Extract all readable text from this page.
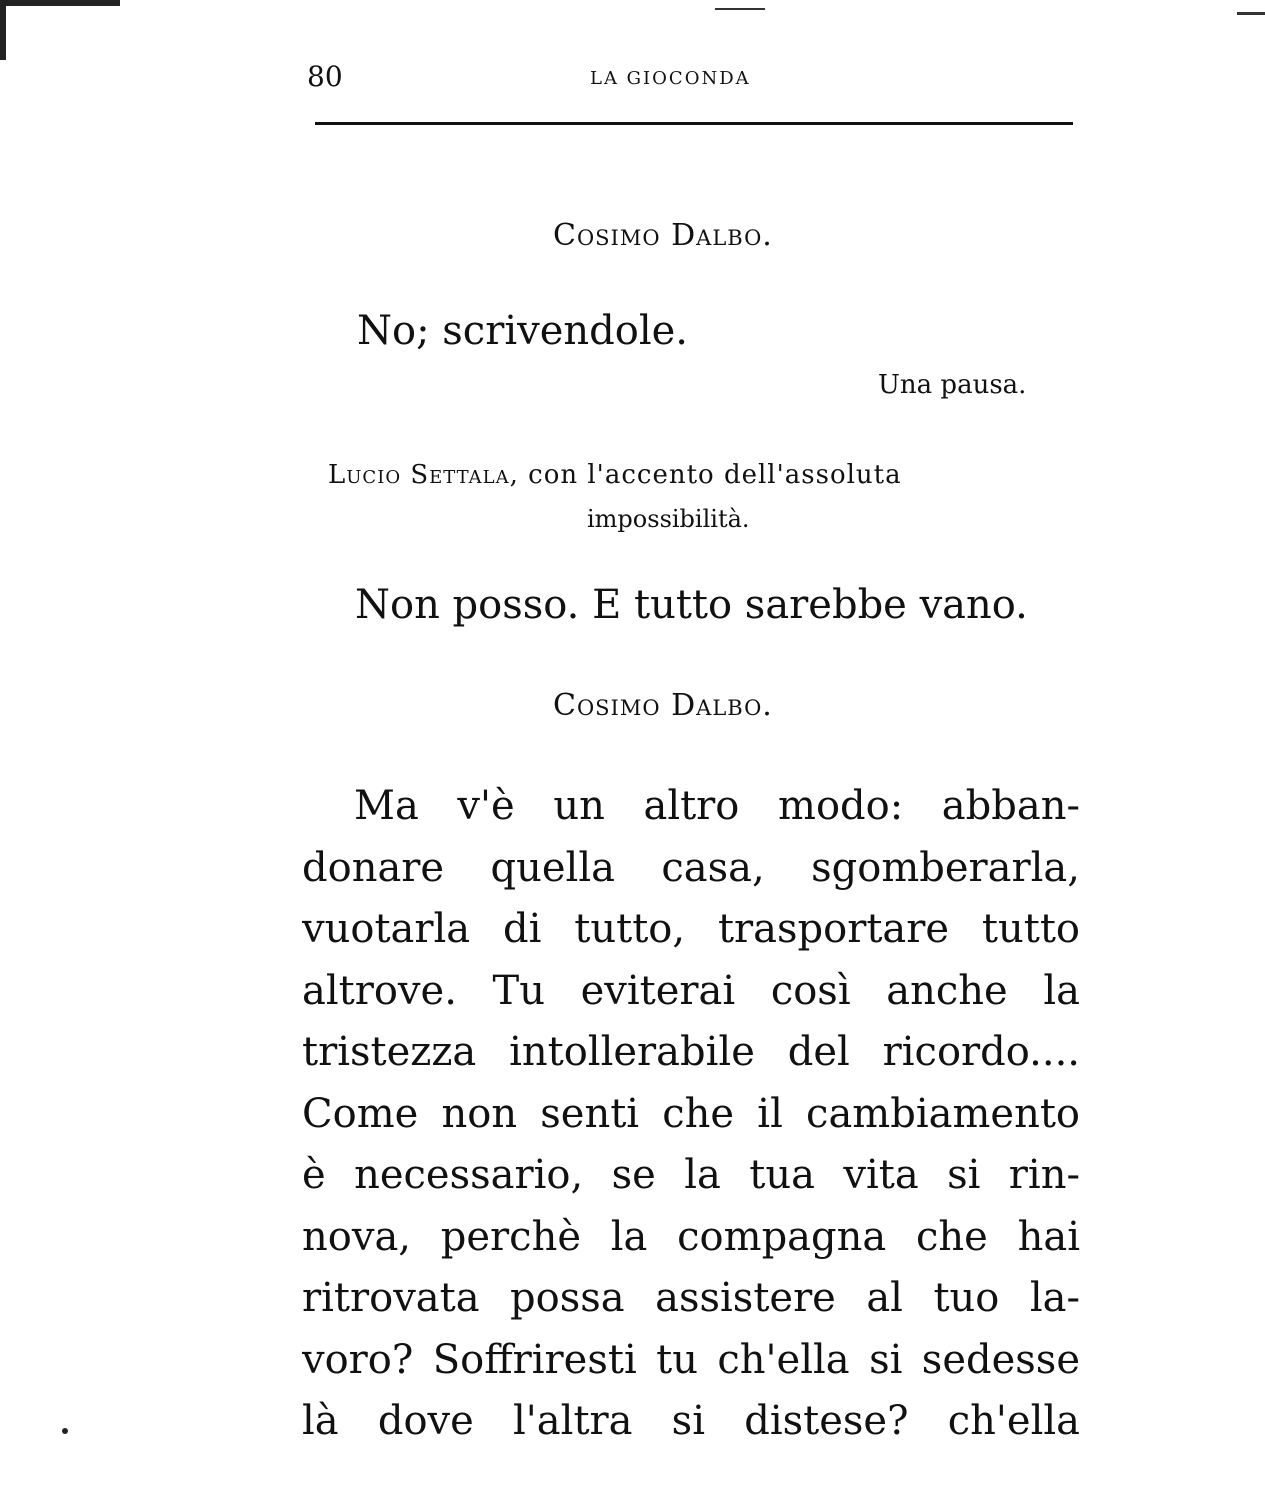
80	LA GIOCONDA
Cosimo Dalbo.
No; scrivendole.
Una pausa.
Lucio Settala, con l'accento dell'assoluta
impossibilità.
Non posso. E tutto sarebbe vano.
Cosimo Dalbo.
Ma v'è un altro modo: abban-
donare quella casa, sgomberarla,
vuotarla di tutto, trasportare tutto
altrove. Tu eviterai così anche la
tristezza intollerabile del ricordo....
Come non senti che il cambiamento
è necessario, se la tua vita si rin-
nova, perchè la compagna che hai
ritrovata possa assistere al tuo la-
voro? Soffriresti tu ch'ella si sedesse
là dove l'altra si distese? ch'ella
